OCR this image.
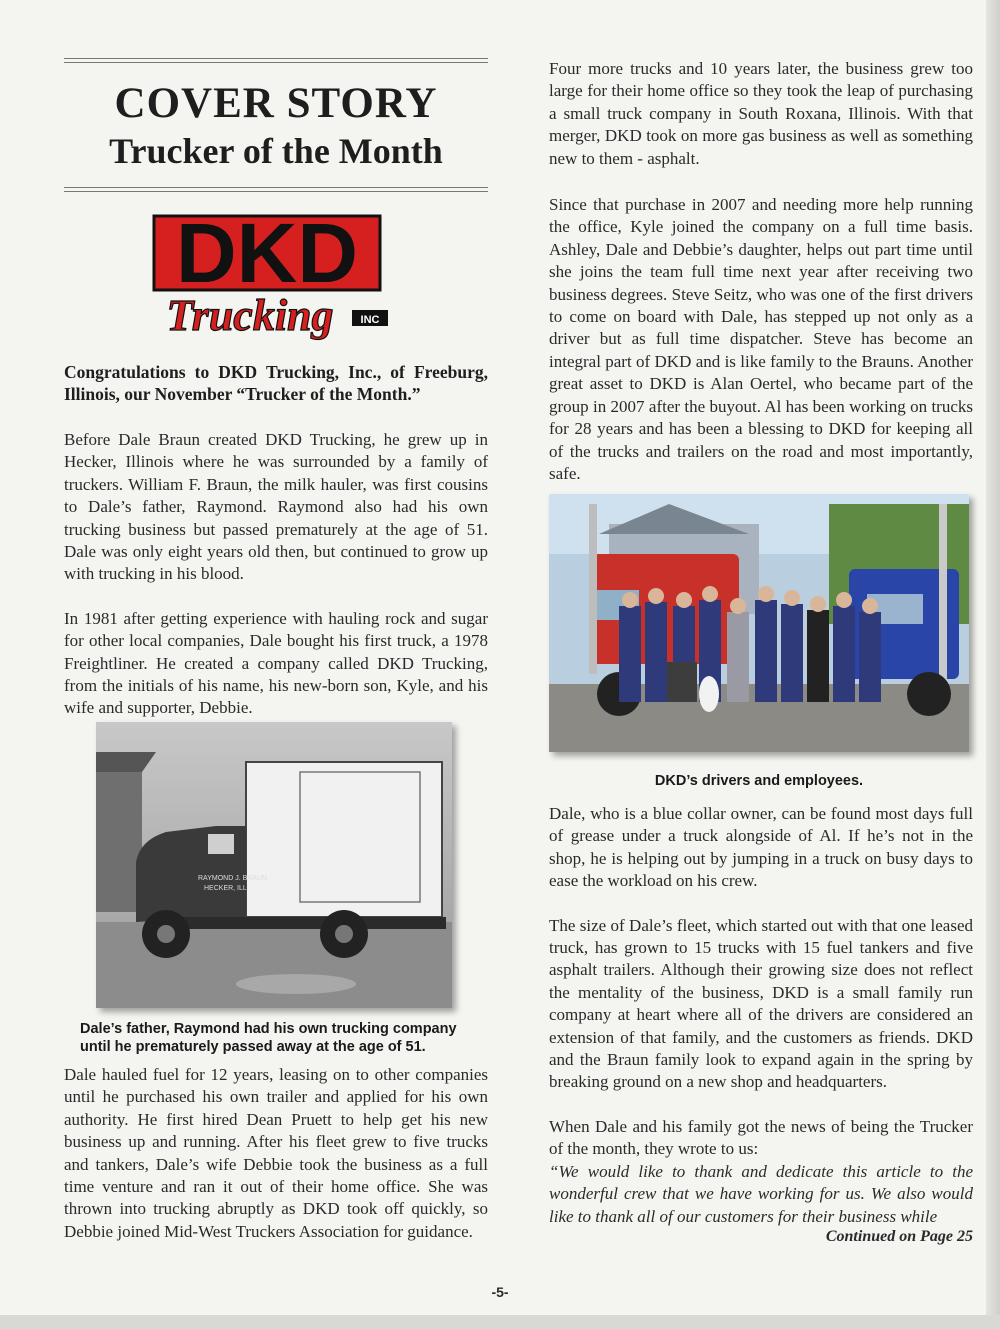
COVER STORY
Trucker of the Month
DKD
Trucking INC

Congratulations to DKD Trucking, Inc., of Freeburg, Illinois, our November “Trucker of the Month.”

Before Dale Braun created DKD Trucking, he grew up in Hecker, Illinois where he was surrounded by a family of truckers. William F. Braun, the milk hauler, was first cousins to Dale’s father, Raymond. Raymond also had his own trucking business but passed prematurely at the age of 51. Dale was only eight years old then, but continued to grow up with trucking in his blood.

In 1981 after getting experience with hauling rock and sugar for other local companies, Dale bought his first truck, a 1978 Freightliner. He created a company called DKD Trucking, from the initials of his name, his new-born son, Kyle, and his wife and supporter, Debbie.

RAYMOND J. BRAUN
HECKER, ILL.
Dale’s father, Raymond had his own trucking company until he prematurely passed away at the age of 51.

Dale hauled fuel for 12 years, leasing on to other companies until he purchased his own trailer and applied for his own authority. He first hired Dean Pruett to help get his new business up and running. After his fleet grew to five trucks and tankers, Dale’s wife Debbie took the business as a full time venture and ran it out of their home office. She was thrown into trucking abruptly as DKD took off quickly, so Debbie joined Mid-West Truckers Association for guidance.

Four more trucks and 10 years later, the business grew too large for their home office so they took the leap of purchasing a small truck company in South Roxana, Illinois. With that merger, DKD took on more gas business as well as something new to them - asphalt.

Since that purchase in 2007 and needing more help running the office, Kyle joined the company on a full time basis. Ashley, Dale and Debbie’s daughter, helps out part time until she joins the team full time next year after receiving two business degrees. Steve Seitz, who was one of the first drivers to come on board with Dale, has stepped up not only as a driver but as full time dispatcher. Steve has become an integral part of DKD and is like family to the Brauns. Another great asset to DKD is Alan Oertel, who became part of the group in 2007 after the buyout. Al has been working on trucks for 28 years and has been a blessing to DKD for keeping all of the trucks and trailers on the road and most importantly, safe.

DKD’s drivers and employees.

Dale, who is a blue collar owner, can be found most days full of grease under a truck alongside of Al. If he’s not in the shop, he is helping out by jumping in a truck on busy days to ease the workload on his crew.

The size of Dale’s fleet, which started out with that one leased truck, has grown to 15 trucks with 15 fuel tankers and five asphalt trailers. Although their growing size does not reflect the mentality of the business, DKD is a small family run company at heart where all of the drivers are considered an extension of that family, and the customers as friends. DKD and the Braun family look to expand again in the spring by breaking ground on a new shop and headquarters.

When Dale and his family got the news of being the Trucker of the month, they wrote to us:

“We would like to thank and dedicate this article to the wonderful crew that we have working for us. We also would like to thank all of our customers for their business while

Continued on Page 25
-5-
